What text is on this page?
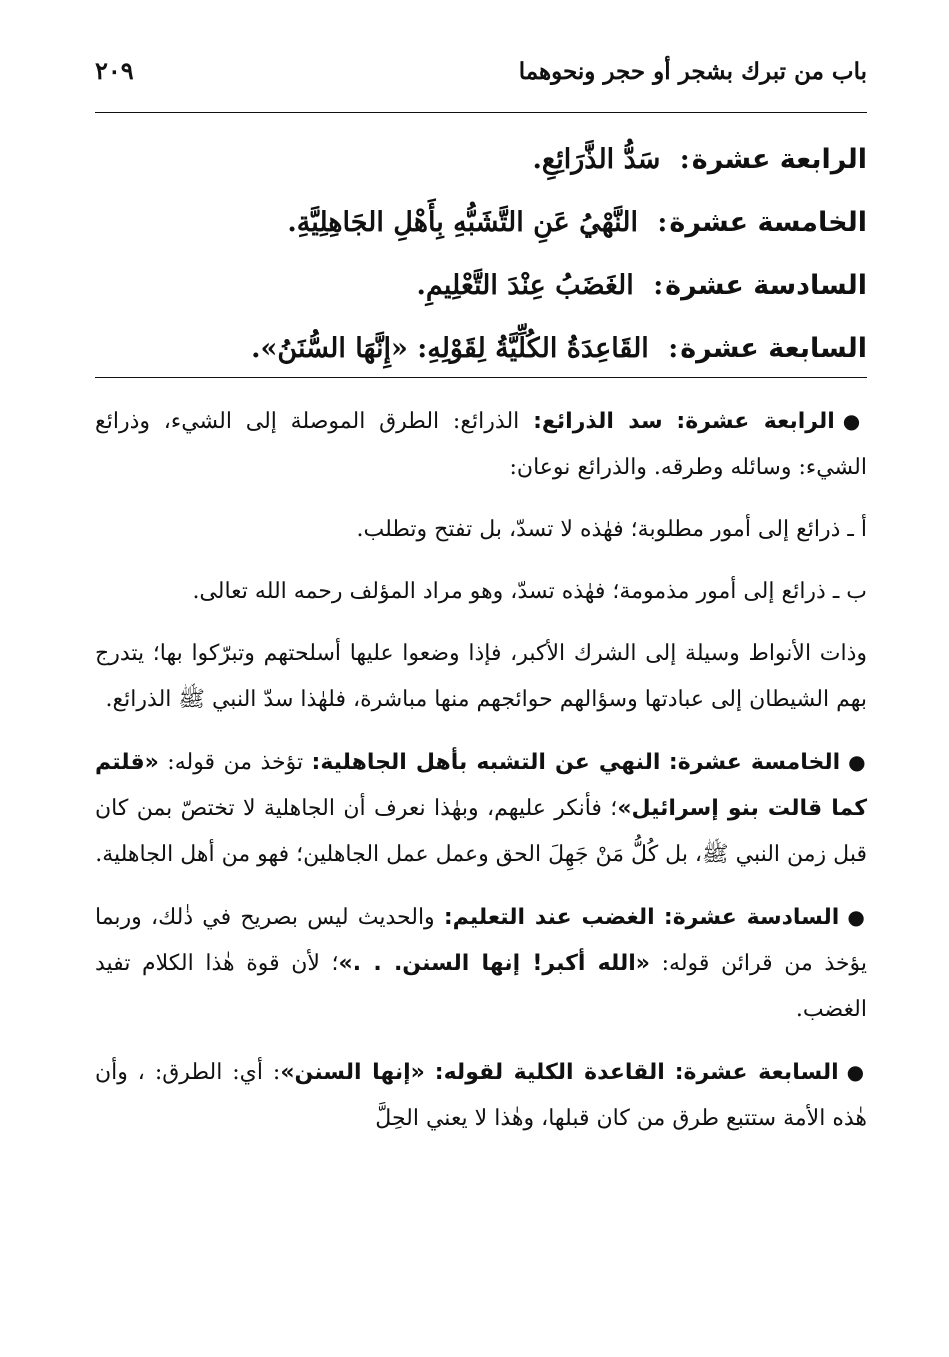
باب من تبرك بشجر أو حجر ونحوهما
٢٠٩
الرابعة عشرة: سَدُّ الذَّرَائِعِ.
الخامسة عشرة: النَّهْيُ عَنِ التَّشَبُّهِ بِأَهْلِ الجَاهِلِيَّةِ.
السادسة عشرة: الغَضَبُ عِنْدَ التَّعْلِيمِ.
السابعة عشرة: القَاعِدَةُ الكُلِّيَّةُ لِقَوْلِهِ: «إِنَّهَا السُّنَنُ».

●الرابعة عشرة: سد الذرائع: الذرائع: الطرق الموصلة إلى الشيء، وذرائع الشيء: وسائله وطرقه. والذرائع نوعان:

أ ـ ذرائع إلى أمور مطلوبة؛ فهٰذه لا تسدّ، بل تفتح وتطلب.

ب ـ ذرائع إلى أمور مذمومة؛ فهٰذه تسدّ، وهو مراد المؤلف رحمه الله تعالى.

وذات الأنواط وسيلة إلى الشرك الأكبر، فإذا وضعوا عليها أسلحتهم وتبرّكوا بها؛ يتدرج بهم الشيطان إلى عبادتها وسؤالهم حوائجهم منها مباشرة، فلهٰذا سدّ النبي ﷺ الذرائع.

●الخامسة عشرة: النهي عن التشبه بأهل الجاهلية: تؤخذ من قوله: «قلتم كما قالت بنو إسرائيل»؛ فأنكر عليهم، وبهٰذا نعرف أن الجاهلية لا تختصّ بمن كان قبل زمن النبي ﷺ، بل كُلُّ مَنْ جَهِلَ الحق وعمل عمل الجاهلين؛ فهو من أهل الجاهلية.

●السادسة عشرة: الغضب عند التعليم: والحديث ليس بصريح في ذٰلك، وربما يؤخذ من قرائن قوله: «الله أكبر! إنها السنن. . .»؛ لأن قوة هٰذا الكلام تفيد الغضب.

●السابعة عشرة: القاعدة الكلية لقوله: «إنها السنن»: أي: الطرق: ، وأن هٰذه الأمة ستتبع طرق من كان قبلها، وهٰذا لا يعني الحِلَّ
